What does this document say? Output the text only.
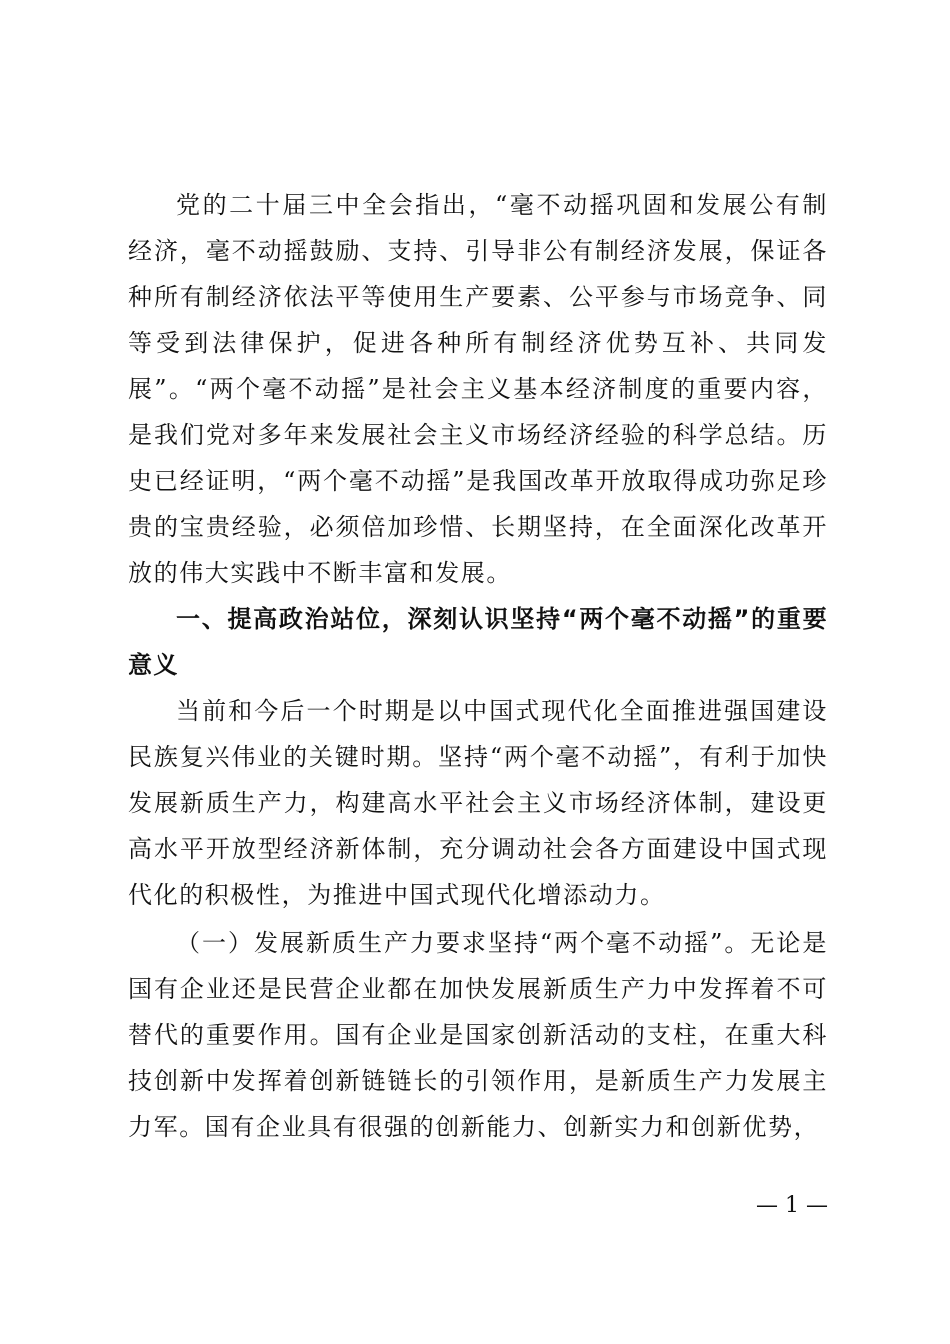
党的二十届三中全会指出，“毫不动摇巩固和发展公有制经济，毫不动摇鼓励、支持、引导非公有制经济发展，保证各种所有制经济依法平等使用生产要素、公平参与市场竞争、同等受到法律保护，促进各种所有制经济优势互补、共同发展”。“两个毫不动摇”是社会主义基本经济制度的重要内容，是我们党对多年来发展社会主义市场经济经验的科学总结。历史已经证明，“两个毫不动摇”是我国改革开放取得成功弥足珍贵的宝贵经验，必须倍加珍惜、长期坚持，在全面深化改革开放的伟大实践中不断丰富和发展。

一、提高政治站位，深刻认识坚持“两个毫不动摇”的重要意义

当前和今后一个时期是以中国式现代化全面推进强国建设民族复兴伟业的关键时期。坚持“两个毫不动摇”，有利于加快发展新质生产力，构建高水平社会主义市场经济体制，建设更高水平开放型经济新体制，充分调动社会各方面建设中国式现代化的积极性，为推进中国式现代化增添动力。

（一）发展新质生产力要求坚持“两个毫不动摇”。无论是国有企业还是民营企业都在加快发展新质生产力中发挥着不可替代的重要作用。国有企业是国家创新活动的支柱，在重大科技创新中发挥着创新链链长的引领作用，是新质生产力发展主力军。国有企业具有很强的创新能力、创新实力和创新优势，

— 1 —
